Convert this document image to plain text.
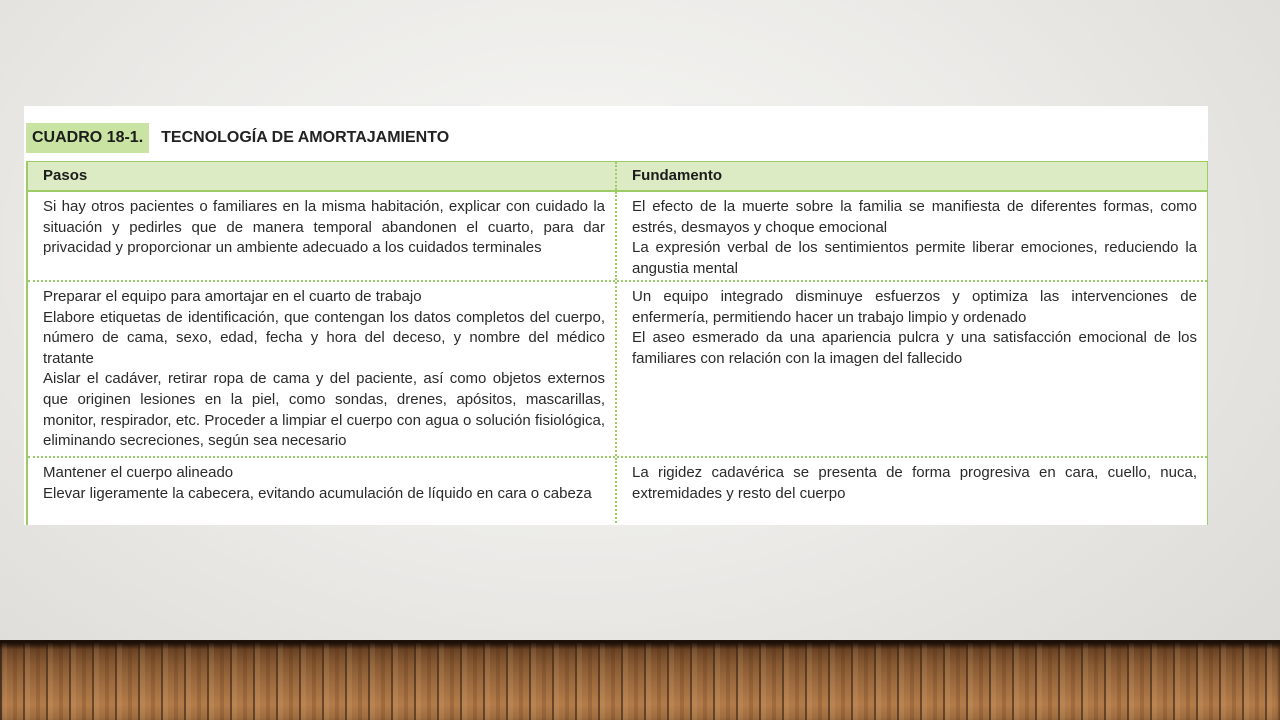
CUADRO 18-1.	TECNOLOGÍA DE AMORTAJAMIENTO
Pasos	Fundamento

Si hay otros pacientes o familiares en la misma habitación, explicar con cuidado la situación y pedirles que de manera temporal abandonen el cuarto, para dar privacidad y proporcionar un ambiente adecuado a los cuidados terminales

El efecto de la muerte sobre la familia se manifiesta de diferentes formas, como estrés, desmayos y choque emocional

La expresión verbal de los sentimientos permite liberar emociones, reduciendo la angustia mental

Preparar el equipo para amortajar en el cuarto de trabajo

Elabore etiquetas de identificación, que contengan los datos completos del cuerpo, número de cama, sexo, edad, fecha y hora del deceso, y nombre del médico tratante

Aislar el cadáver, retirar ropa de cama y del paciente, así como objetos externos que originen lesiones en la piel, como sondas, drenes, apósitos, mascarillas, monitor, respirador, etc. Proceder a limpiar el cuerpo con agua o solución fisiológica, eliminando secreciones, según sea necesario

Un equipo integrado disminuye esfuerzos y optimiza las intervenciones de enfermería, permitiendo hacer un trabajo limpio y ordenado

El aseo esmerado da una apariencia pulcra y una satisfacción emocional de los familiares con relación con la imagen del fallecido

Mantener el cuerpo alineado

Elevar ligeramente la cabecera, evitando acumulación de líquido en cara o cabeza

La rigidez cadavérica se presenta de forma progresiva en cara, cuello, nuca, extremidades y resto del cuerpo
